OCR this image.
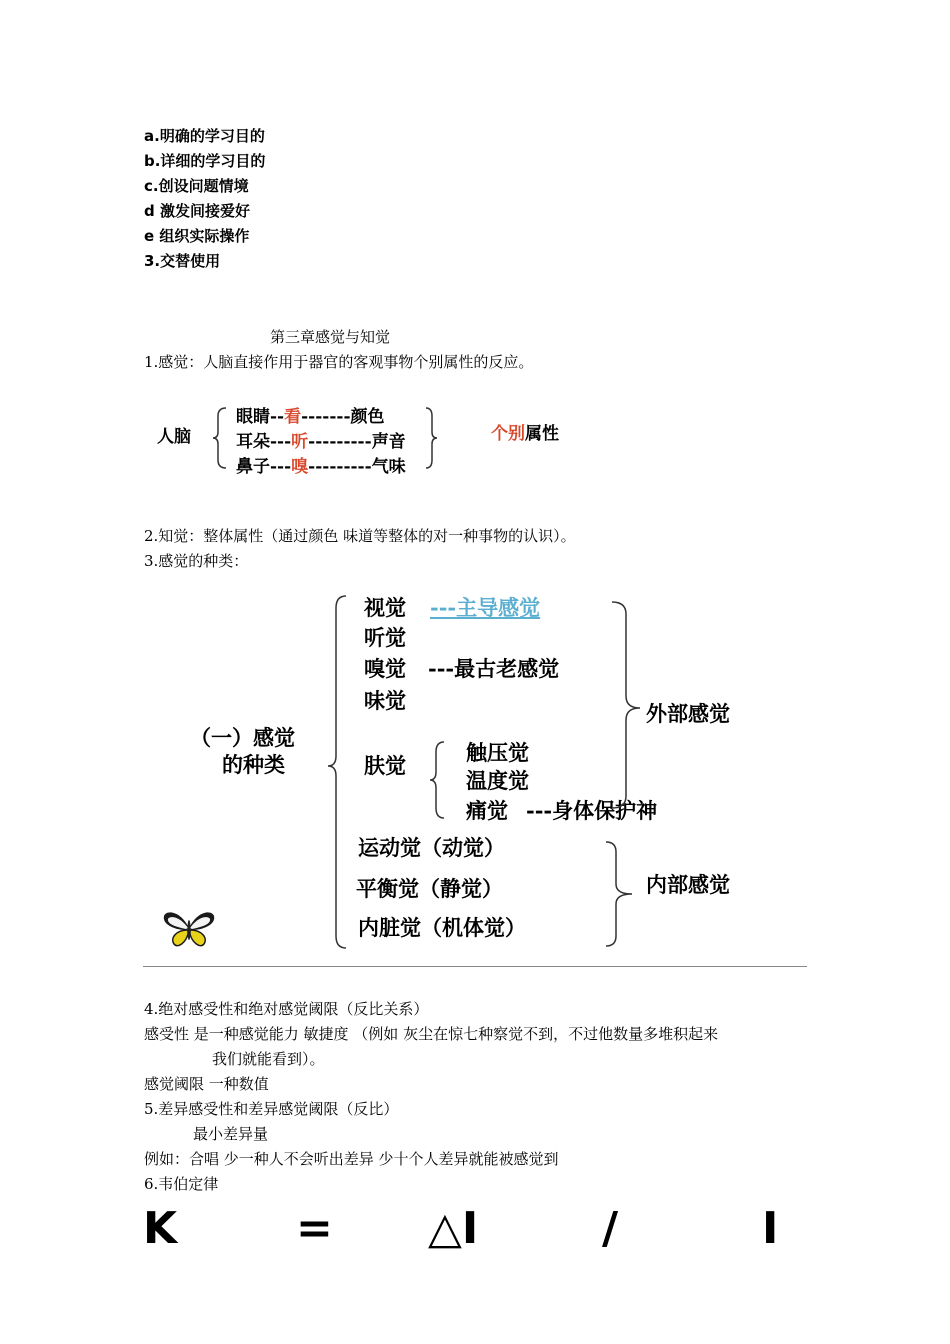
a.明确的学习目的
b.详细的学习目的
c.创设问题情境
d 激发间接爱好
e 组织实际操作
3.交替使用
第三章感觉与知觉
1.感觉：人脑直接作用于器官的客观事物个别属性的反应。
人脑
眼睛--看-------颜色
耳朵---听---------声音
鼻子---嗅---------气味
个别属性
2.知觉：整体属性（通过颜色 味道等整体的对一种事物的认识）。
3.感觉的种类：
（一）感觉
的种类
视觉 ---主导感觉
听觉
嗅觉 ---最古老感觉
味觉
肤觉
触压觉
温度觉
痛觉 ---身体保护神
外部感觉
运动觉（动觉）
平衡觉（静觉）
内脏觉（机体觉）
内部感觉
4.绝对感受性和绝对感觉阈限（反比关系）
感受性 是一种感觉能力 敏捷度 （例如 灰尘在惊七种察觉不到，不过他数量多堆积起来
我们就能看到）。
感觉阈限 一种数值
5.差异感受性和差异感觉阈限（反比）
最小差异量
例如：合唱 少一种人不会听出差异 少十个人差异就能被感觉到
6.韦伯定律
K	= △I	/	I
